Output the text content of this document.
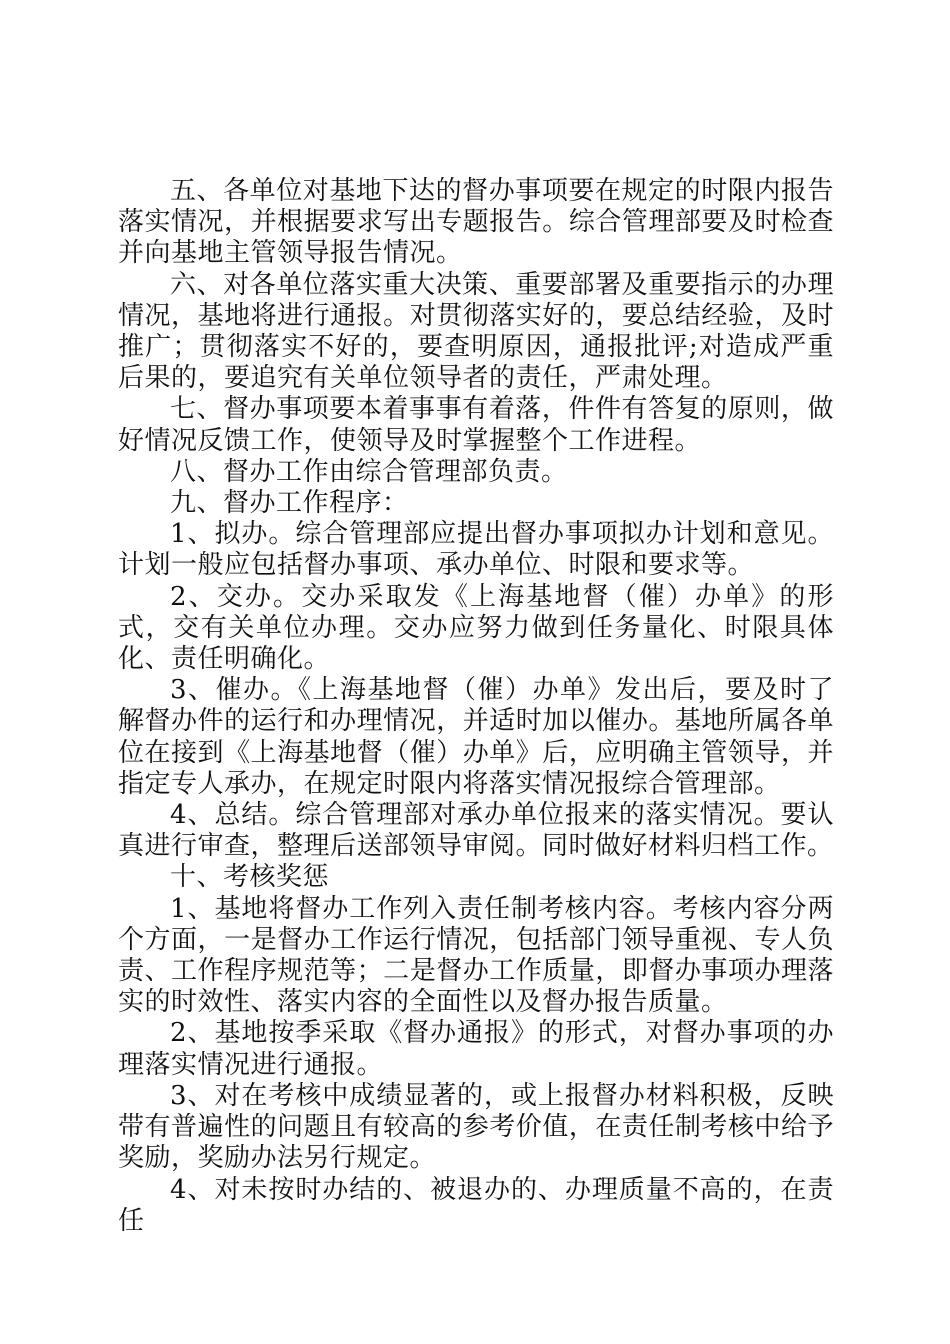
五、各单位对基地下达的督办事项要在规定的时限内报告落实情况，并根据要求写出专题报告。综合管理部要及时检查并向基地主管领导报告情况。

六、对各单位落实重大决策、重要部署及重要指示的办理情况，基地将进行通报。对贯彻落实好的，要总结经验，及时推广；贯彻落实不好的，要查明原因，通报批评;对造成严重后果的，要追究有关单位领导者的责任，严肃处理。

七、督办事项要本着事事有着落，件件有答复的原则，做好情况反馈工作，使领导及时掌握整个工作进程。

八、督办工作由综合管理部负责。

九、督办工作程序：

1、拟办。综合管理部应提出督办事项拟办计划和意见。计划一般应包括督办事项、承办单位、时限和要求等。

2、交办。交办采取发《上海基地督（催）办单》的形式，交有关单位办理。交办应努力做到任务量化、时限具体化、责任明确化。

3、催办。《上海基地督（催）办单》发出后，要及时了解督办件的运行和办理情况，并适时加以催办。基地所属各单位在接到《上海基地督（催）办单》后，应明确主管领导，并指定专人承办，在规定时限内将落实情况报综合管理部。

4、总结。综合管理部对承办单位报来的落实情况。要认真进行审查，整理后送部领导审阅。同时做好材料归档工作。

十、考核奖惩

1、基地将督办工作列入责任制考核内容。考核内容分两个方面，一是督办工作运行情况，包括部门领导重视、专人负责、工作程序规范等；二是督办工作质量，即督办事项办理落实的时效性、落实内容的全面性以及督办报告质量。

2、基地按季采取《督办通报》的形式，对督办事项的办理落实情况进行通报。

3、对在考核中成绩显著的，或上报督办材料积极，反映带有普遍性的问题且有较高的参考价值，在责任制考核中给予奖励，奖励办法另行规定。

4、对未按时办结的、被退办的、办理质量不高的，在责任
